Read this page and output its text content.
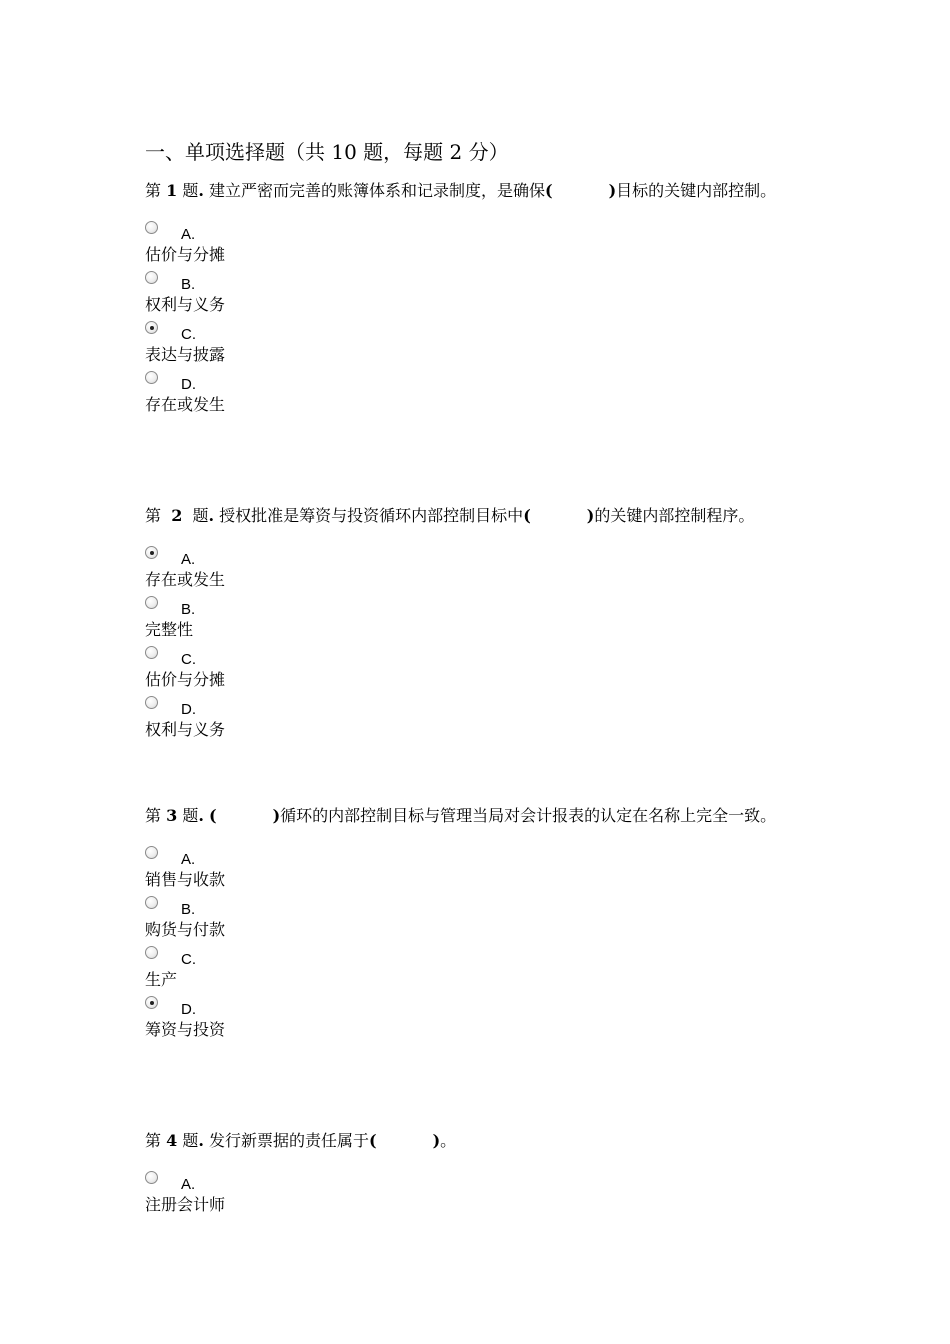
一、单项选择题（共 10 题，每题 2 分）
第 1 题. 建立严密而完善的账簿体系和记录制度，是确保(	)目标的关键内部控制。
A.
估价与分摊
B.
权利与义务
C.
表达与披露
D.
存在或发生
第  2  题. 授权批准是筹资与投资循环内部控制目标中(	)的关键内部控制程序。
A.
存在或发生
B.
完整性
C.
估价与分摊
D.
权利与义务
第 3 题. (	)循环的内部控制目标与管理当局对会计报表的认定在名称上完全一致。
A.
销售与收款
B.
购货与付款
C.
生产
D.
筹资与投资
第 4 题. 发行新票据的责任属于(	)。
A.
注册会计师
